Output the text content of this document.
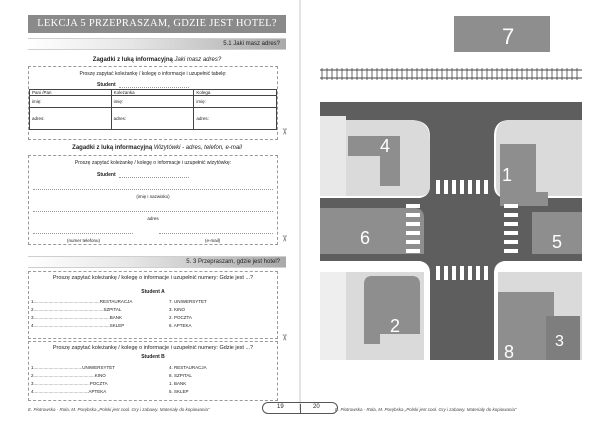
LEKCJA 5 PRZEPRASZAM, GDZIE JEST HOTEL?
5.1 Jaki masz adres?
Zagadki z luką informacyjną Jaki masz adres?
Proszę zapytać koleżankę / kolegę o informacje i uzupełnić tabelę:
Student
Pani /Pan	Koleżanka	Kolega
imię:	imię:	imię:
adres:	adres:	adres:
✂
Zagadki z luką informacyjną Wizytówki - adres, telefon, e-mail
Proszę zapytać koleżankę / kolegę o informacje i uzupełnić wizytówkę:
Student
(imię i nazwisko)
adres
(numer telefonu)	(e-mail)	✂
5. 3 Przepraszam, gdzie jest hotel?
Proszę zapytać koleżankę / kolegę o informacje i uzupełnić numery: Gdzie jest ...?
Student A
1.....................................................RESTAURACJA
2........................................................SZPITAL
3.............................................................BANK
4.............................................................SKLEP
7. UNIWERSYTET
3. KINO
2. POCZTA
6. APTEKA
✂
Proszę zapytać koleżankę / kolegę o informacje i uzupełnić numery: Gdzie jest ...?
Student B
1.......................................UNIWERSYTET
2.................................................KINO
3.............................................POCZTA
4............................................APTEKA
4. RESTAURACJA
8. SZPITAL
1. BANK
5. SKLEP
E. Piotrowska - Roła, M. Porębska „Polski jest cool. Gry i zabawy. Materiały do kopiowania"
7
4
1
6	5
2
8
3
E. Piotrowska - Roła, M. Porębska „Polski jest cool. Gry i zabawy. Materiały do kopiowania"
19	20
